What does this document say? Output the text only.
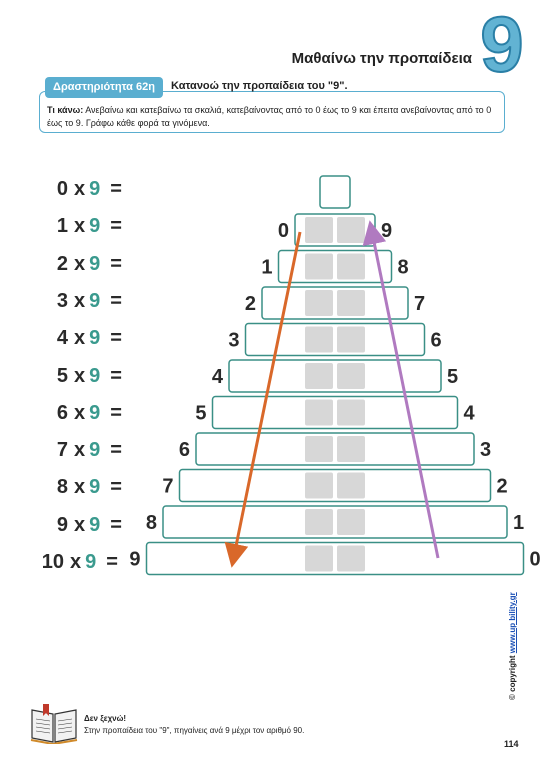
Μαθαίνω την προπαίδεια 9
Δραστηριότητα 62η	Κατανοώ την προπαίδεια του "9".
Τι κάνω: Ανεβαίνω και κατεβαίνω τα σκαλιά, κατεβαίνοντας από το 0 έως το 9 και έπειτα ανεβαίνοντας από το 0 έως το 9. Γράφω κάθε φορά τα γινόμενα.
0 x 9 =
1 x 9 =
2 x 9 =
3 x 9 =
4 x 9 =
5 x 9 =
6 x 9 =
7 x 9 =
8 x 9 =
9 x 9 =
10 x 9 =
0	9
1	8
2	7
3	6
4	5
5	4
6	3
7	2
8	1
9	0
Δεν ξεχνώ!
Στην προπαίδεια του "9", πηγαίνεις ανά 9 μέχρι τον αριθμό 90.
© copyright www.up bility.gr
114
